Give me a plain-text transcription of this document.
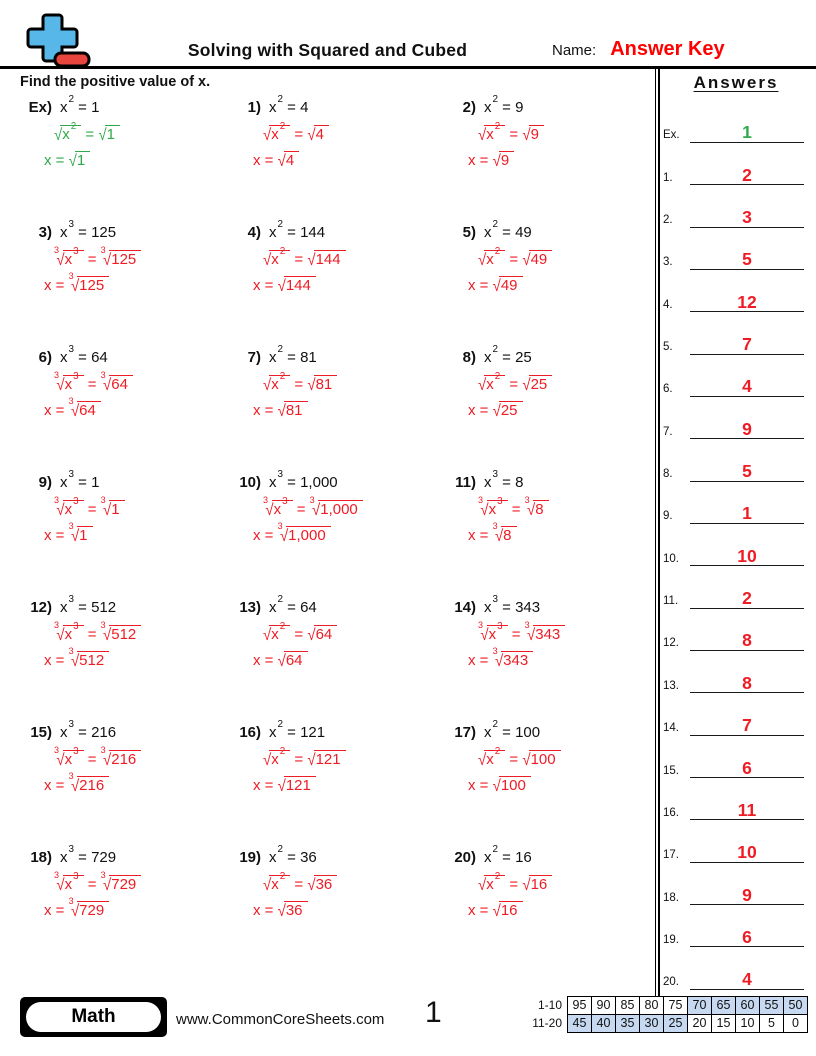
Solving with Squared and Cubed	Name: Answer Key
Find the positive value of x.
Ex) $x^2 = 1$
$√x^2 = √1$
x = √1
1) $x^2 = 4$
$√x^2 = √4$
x = √4
2) $x^2 = 9$
$√x^2 = √9$
x = √9
3) $x^3 = 125$
$^3√x^3 = ^3√125$
x = $^3$√125
4) $x^2 = 144$
$√x^2 = √144$
x = √144
5) $x^2 = 49$
$√x^2 = √49$
x = √49
6) $x^3 = 64$
$^3√x^3 = ^3√64$
x = $^3$√64
7) $x^2 = 81$
$√x^2 = √81$
x = √81
8) $x^2 = 25$
$√x^2 = √25$
x = √25
9) $x^3 = 1$
$^3√x^3 = ^3√1$
x = $^3$√1
10) $x^3 = 1,000$
$^3√x^3 = ^3√1,000$
x = $^3$√1,000
11) $x^3 = 8$
$^3√x^3 = ^3√8$
x = $^3$√8
12) $x^3 = 512$
$^3√x^3 = ^3√512$
x = $^3$√512
13) $x^2 = 64$
$√x^2 = √64$
x = √64
14) $x^3 = 343$
$^3√x^3 = ^3√343$
x = $^3$√343
15) $x^3 = 216$
$^3√x^3 = ^3√216$
x = $^3$√216
16) $x^2 = 121$
$√x^2 = √121$
x = √121
17) $x^2 = 100$
$√x^2 = √100$
x = √100
18) $x^3 = 729$
$^3√x^3 = ^3√729$
x = $^3$√729
19) $x^2 = 36$
$√x^2 = √36$
x = √36
20) $x^2 = 16$
$√x^2 = √16$
x = √16
Answers
Ex.	1
1.	2
2.	3
3.	5
4.	12
5.	7
6.	4
7.	9
8.	5
9.	1
10.	10
11.	2
12.	8
13.	8
14.	7
15.	6
16.	11
17.	10
18.	9
19.	6
20.	4
Math	www.CommonCoreSheets.com 1	1-10	95	90	85	80	75	70	65	60	55	50
11-20	45	40	35	30	25	20	15	10	5	0
